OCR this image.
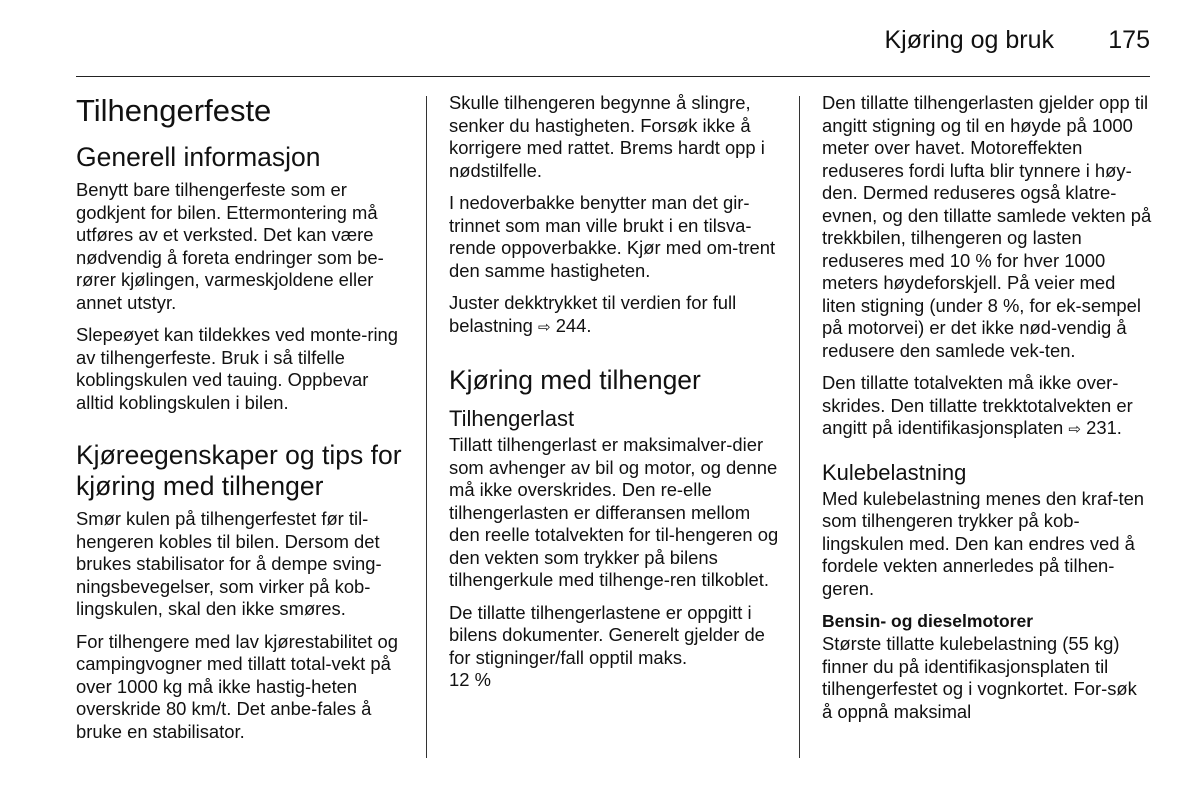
Kjøring og bruk 175
Tilhengerfeste
Generell informasjon

Benytt bare tilhengerfeste som er godkjent for bilen. Ettermontering må utføres av et verksted. Det kan være nødvendig å foreta endringer som be-rører kjølingen, varmeskjoldene eller annet utstyr.

Slepeøyet kan tildekkes ved monte-ring av tilhengerfeste. Bruk i så tilfelle koblingskulen ved tauing. Oppbevar alltid koblingskulen i bilen.

Kjøreegenskaper og tips for kjøring med tilhenger

Smør kulen på tilhengerfestet før til-hengeren kobles til bilen. Dersom det brukes stabilisator for å dempe sving-ningsbevegelser, som virker på kob-lingskulen, skal den ikke smøres.

For tilhengere med lav kjørestabilitet og campingvogner med tillatt total-vekt på over 1000 kg må ikke hastig-heten overskride 80 km/t. Det anbe-fales å bruke en stabilisator.

Skulle tilhengeren begynne å slingre, senker du hastigheten. Forsøk ikke å korrigere med rattet. Brems hardt opp i nødstilfelle.

I nedoverbakke benytter man det gir-trinnet som man ville brukt i en tilsva-rende oppoverbakke. Kjør med om-trent den samme hastigheten.

Juster dekktrykket til verdien for full belastning ⇨ 244.

Kjøring med tilhenger
Tilhengerlast

Tillatt tilhengerlast er maksimalver-dier som avhenger av bil og motor, og denne må ikke overskrides. Den re-elle tilhengerlasten er differansen mellom den reelle totalvekten for til-hengeren og den vekten som trykker på bilens tilhengerkule med tilhenge-ren tilkoblet.

De tillatte tilhengerlastene er oppgitt i bilens dokumenter. Generelt gjelder de for stigninger/fall opptil maks.
12 %

Den tillatte tilhengerlasten gjelder opp til angitt stigning og til en høyde på 1000 meter over havet. Motoreffekten reduseres fordi lufta blir tynnere i høy-den. Dermed reduseres også klatre-evnen, og den tillatte samlede vekten på trekkbilen, tilhengeren og lasten reduseres med 10 % for hver 1000 meters høydeforskjell. På veier med liten stigning (under 8 %, for ek-sempel på motorvei) er det ikke nød-vendig å redusere den samlede vek-ten.

Den tillatte totalvekten må ikke over-skrides. Den tillatte trekktotalvekten er angitt på identifikasjonsplaten ⇨ 231.

Kulebelastning

Med kulebelastning menes den kraf-ten som tilhengeren trykker på kob-lingskulen med. Den kan endres ved å fordele vekten annerledes på tilhen-geren.

Bensin- og dieselmotorer

Største tillatte kulebelastning (55 kg) finner du på identifikasjonsplaten til tilhengerfestet og i vognkortet. For-søk å oppnå maksimal
